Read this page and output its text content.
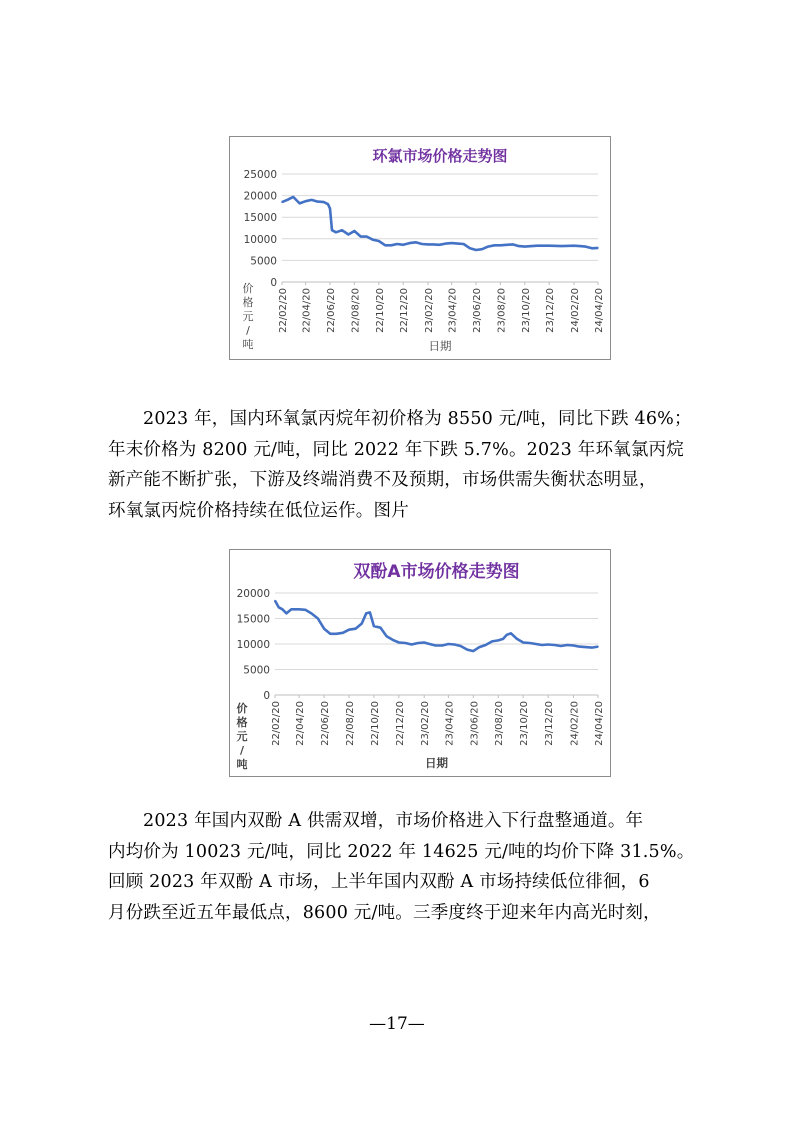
环氯市场价格走势图
25000
20000
15000
10000
5000
0
22/02/20 22/04/20 22/06/20 22/08/20 22/10/20 22/12/20 23/02/20 23/04/20 23/06/20 23/08/20 23/10/20 23/12/20 24/02/20 24/04/20
价
格
元
/
吨	日期
2023 年，国内环氧氯丙烷年初价格为 8550 元/吨，同比下跌 46%；
年末价格为 8200 元/吨，同比 2022 年下跌 5.7%。2023 年环氧氯丙烷
新产能不断扩张，下游及终端消费不及预期，市场供需失衡状态明显，
环氧氯丙烷价格持续在低位运作。图片
双酚A市场价格走势图
20000
15000
10000
5000
0
22/02/20 22/04/20 22/06/20 22/08/20 22/10/20 22/12/20 23/02/20 23/04/20 23/06/20 23/08/20 23/10/20 23/12/20 24/02/20 24/04/20
价
格
元
/
吨	日期
2023 年国内双酚 A 供需双增，市场价格进入下行盘整通道。年
内均价为 10023 元/吨，同比 2022 年 14625 元/吨的均价下降 31.5%。
回顾 2023 年双酚 A 市场，上半年国内双酚 A 市场持续低位徘徊，6
月份跌至近五年最低点，8600 元/吨。三季度终于迎来年内高光时刻，
—17—
